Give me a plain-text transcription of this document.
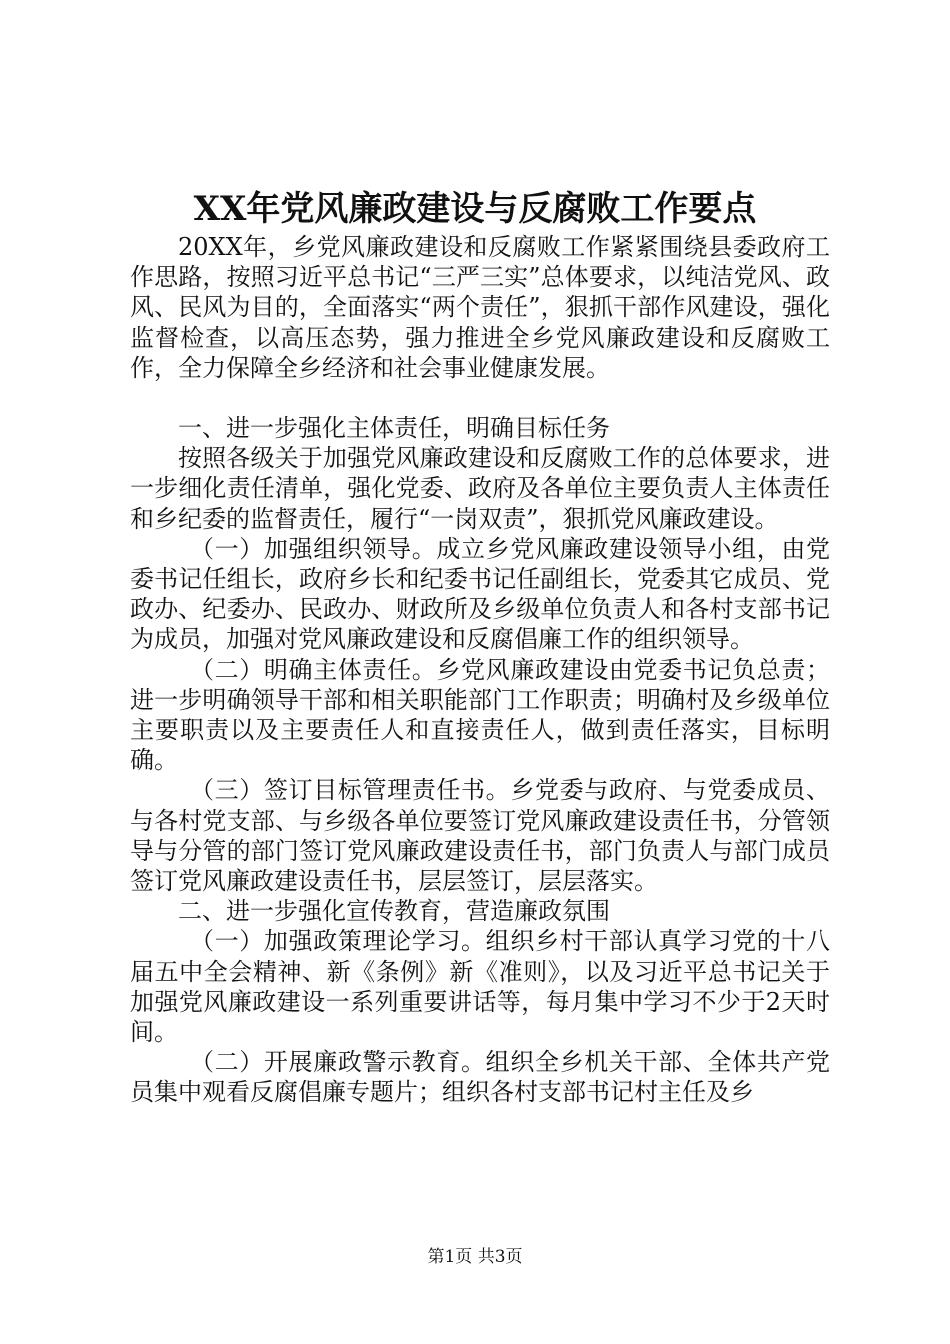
XX年党风廉政建设与反腐败工作要点

20XX年，乡党风廉政建设和反腐败工作紧紧围绕县委政府工作思路，按照习近平总书记“三严三实”总体要求，以纯洁党风、政风、民风为目的，全面落实“两个责任”，狠抓干部作风建设，强化监督检查，以高压态势，强力推进全乡党风廉政建设和反腐败工作，全力保障全乡经济和社会事业健康发展。

一、进一步强化主体责任，明确目标任务

按照各级关于加强党风廉政建设和反腐败工作的总体要求，进一步细化责任清单，强化党委、政府及各单位主要负责人主体责任和乡纪委的监督责任，履行“一岗双责”，狠抓党风廉政建设。

（一）加强组织领导。成立乡党风廉政建设领导小组，由党委书记任组长，政府乡长和纪委书记任副组长，党委其它成员、党政办、纪委办、民政办、财政所及乡级单位负责人和各村支部书记为成员，加强对党风廉政建设和反腐倡廉工作的组织领导。

（二）明确主体责任。乡党风廉政建设由党委书记负总责；进一步明确领导干部和相关职能部门工作职责；明确村及乡级单位主要职责以及主要责任人和直接责任人，做到责任落实，目标明确。

（三）签订目标管理责任书。乡党委与政府、与党委成员、与各村党支部、与乡级各单位要签订党风廉政建设责任书，分管领导与分管的部门签订党风廉政建设责任书，部门负责人与部门成员签订党风廉政建设责任书，层层签订，层层落实。

二、进一步强化宣传教育，营造廉政氛围

（一）加强政策理论学习。组织乡村干部认真学习党的十八届五中全会精神、新《条例》新《准则》，以及习近平总书记关于加强党风廉政建设一系列重要讲话等，每月集中学习不少于2天时间。

（二）开展廉政警示教育。组织全乡机关干部、全体共产党员集中观看反腐倡廉专题片；组织各村支部书记村主任及乡

第1页 共3页
